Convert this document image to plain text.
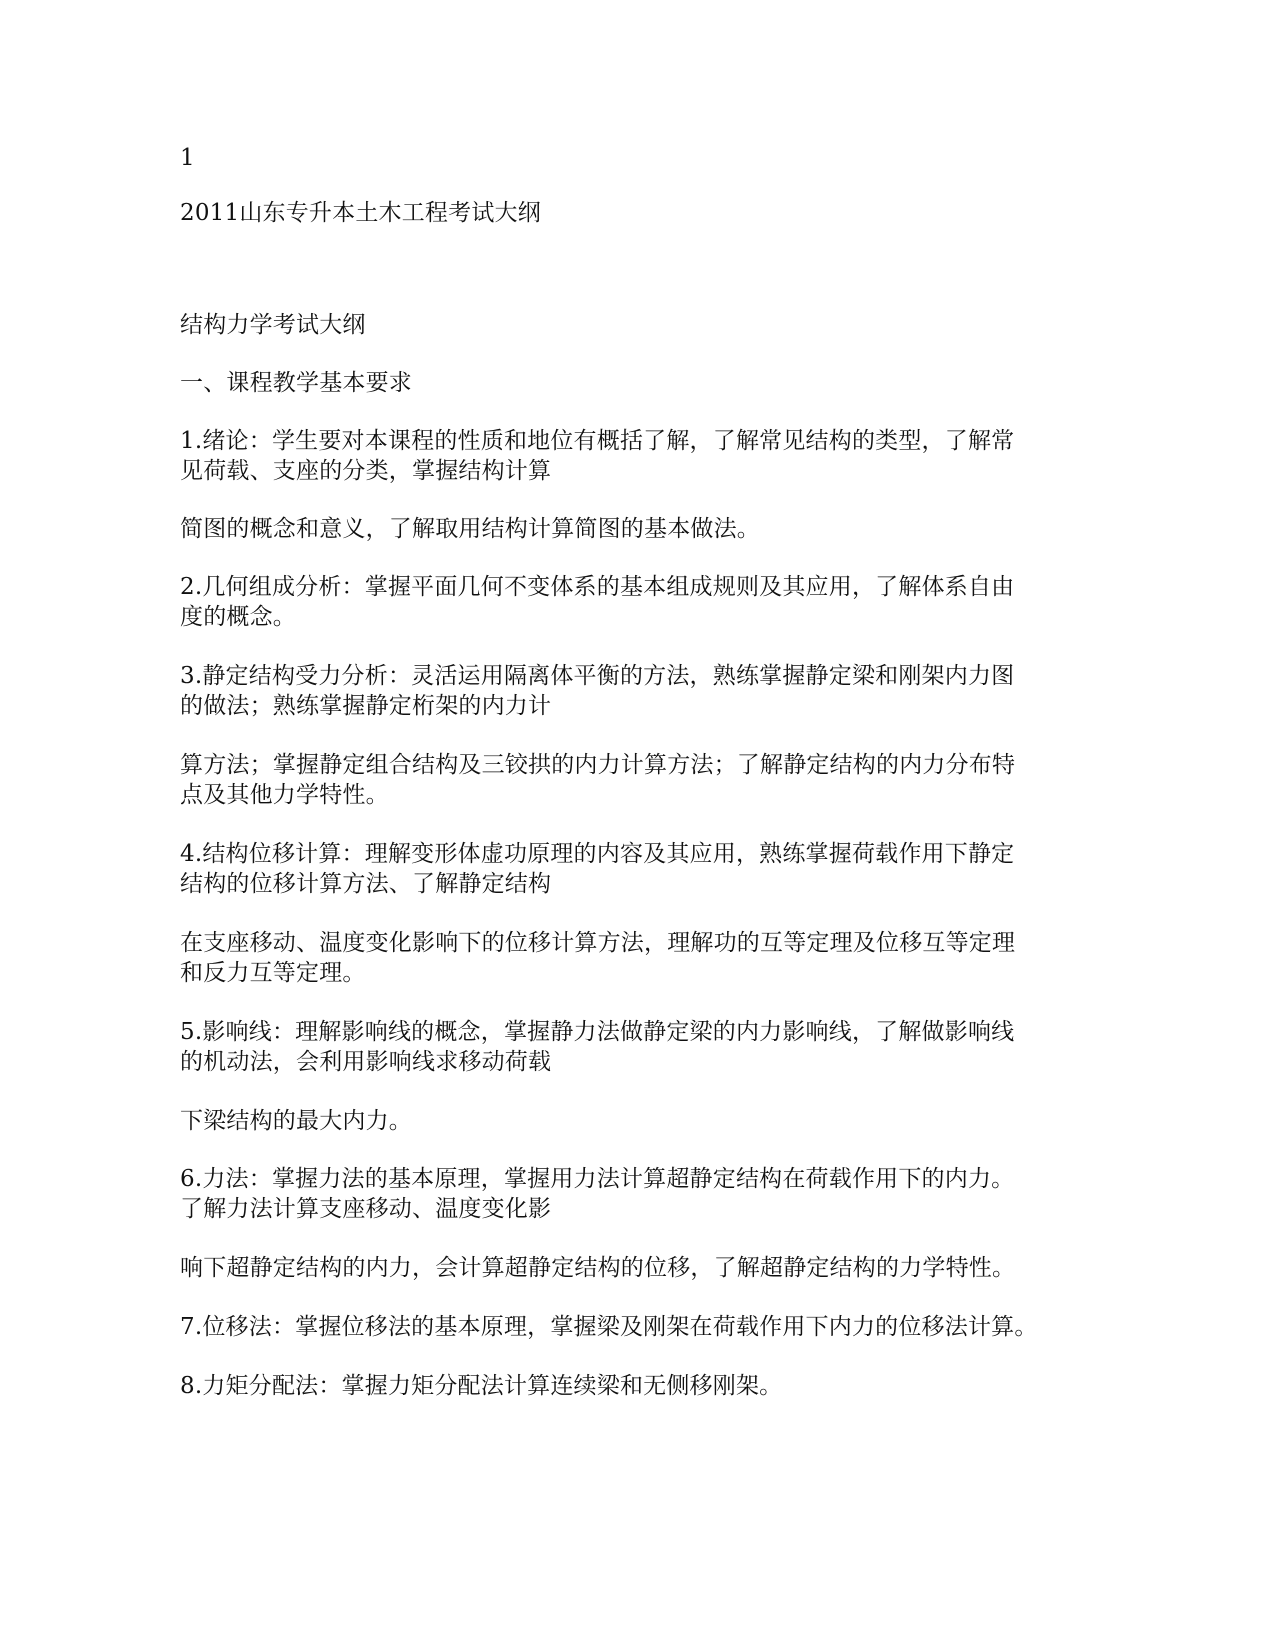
1
2011山东专升本土木工程考试大纲
结构力学考试大纲
一、课程教学基本要求
1.绪论：学生要对本课程的性质和地位有概括了解，了解常见结构的类型，了解常
见荷载、支座的分类，掌握结构计算
简图的概念和意义，了解取用结构计算简图的基本做法。
2.几何组成分析：掌握平面几何不变体系的基本组成规则及其应用，了解体系自由
度的概念。
3.静定结构受力分析：灵活运用隔离体平衡的方法，熟练掌握静定梁和刚架内力图
的做法；熟练掌握静定桁架的内力计
算方法；掌握静定组合结构及三铰拱的内力计算方法；了解静定结构的内力分布特
点及其他力学特性。
4.结构位移计算：理解变形体虚功原理的内容及其应用，熟练掌握荷载作用下静定
结构的位移计算方法、了解静定结构
在支座移动、温度变化影响下的位移计算方法，理解功的互等定理及位移互等定理
和反力互等定理。
5.影响线：理解影响线的概念，掌握静力法做静定梁的内力影响线，了解做影响线
的机动法，会利用影响线求移动荷载
下梁结构的最大内力。
6.力法：掌握力法的基本原理，掌握用力法计算超静定结构在荷载作用下的内力。
了解力法计算支座移动、温度变化影
响下超静定结构的内力，会计算超静定结构的位移，了解超静定结构的力学特性。
7.位移法：掌握位移法的基本原理，掌握梁及刚架在荷载作用下内力的位移法计算。
8.力矩分配法：掌握力矩分配法计算连续梁和无侧移刚架。
